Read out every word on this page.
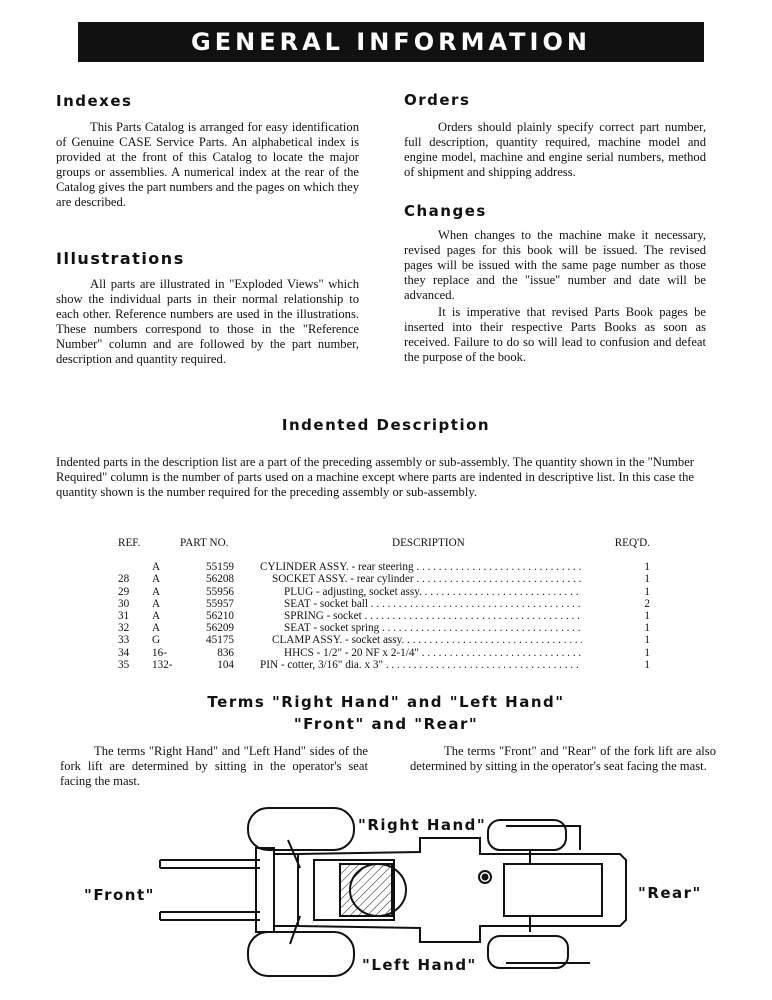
GENERAL INFORMATION
Indexes

This Parts Catalog is arranged for easy identification of Genuine CASE Service Parts. An alphabetical index is provided at the front of this Catalog to locate the major groups or assemblies. A numerical index at the rear of the Catalog gives the part numbers and the pages on which they are described.

Illustrations

All parts are illustrated in "Exploded Views" which show the individual parts in their normal relationship to each other. Reference numbers are used in the illustrations. These numbers correspond to those in the "Reference Number" column and are followed by the part number, description and quantity required.

Orders

Orders should plainly specify correct part number, full description, quantity required, machine model and engine model, machine and engine serial numbers, method of shipment and shipping address.

Changes

When changes to the machine make it necessary, revised pages for this book will be issued. The revised pages will be issued with the same page number as those they replace and the "issue" number and date will be advanced.

It is imperative that revised Parts Book pages be inserted into their respective Parts Books as soon as received. Failure to do so will lead to confusion and defeat the purpose of the book.

Indented Description
Indented parts in the description list are a part of the preceding assembly or sub-assembly. The quantity shown in the "Number Required" column is the number of parts used on a machine except where parts are indented in descriptive list. In this case the quantity shown is the number required for the preceding assembly or sub-assembly.
REF.	PART NO.		DESCRIPTION	REQ'D.
	A	55159	CYLINDER ASSY. - rear steering . . .	1
28	A	56208	SOCKET ASSY. - rear cylinder . . .	1
29	A	55956	PLUG - adjusting, socket assy. . . .	1
30	A	55957	SEAT - socket ball . . .	2
31	A	56210	SPRING - socket . . .	1
32	A	56209	SEAT - socket spring . . .	1
33	G	45175	CLAMP ASSY. - socket assy. . . .	1
34	16-	836	HHCS - 1/2" - 20 NF x 2-1/4" . . .	1
35	132-	104	PIN - cotter, 3/16" dia. x 3" . . .	1
Terms "Right Hand" and "Left Hand"
"Front" and "Rear"

The terms "Right Hand" and "Left Hand" sides of the fork lift are determined by sitting in the operator's seat facing the mast.

The terms "Front" and "Rear" of the fork lift are also determined by sitting in the operator's seat facing the mast.

"Right Hand"
"Left Hand"
"Front"	"Rear"
